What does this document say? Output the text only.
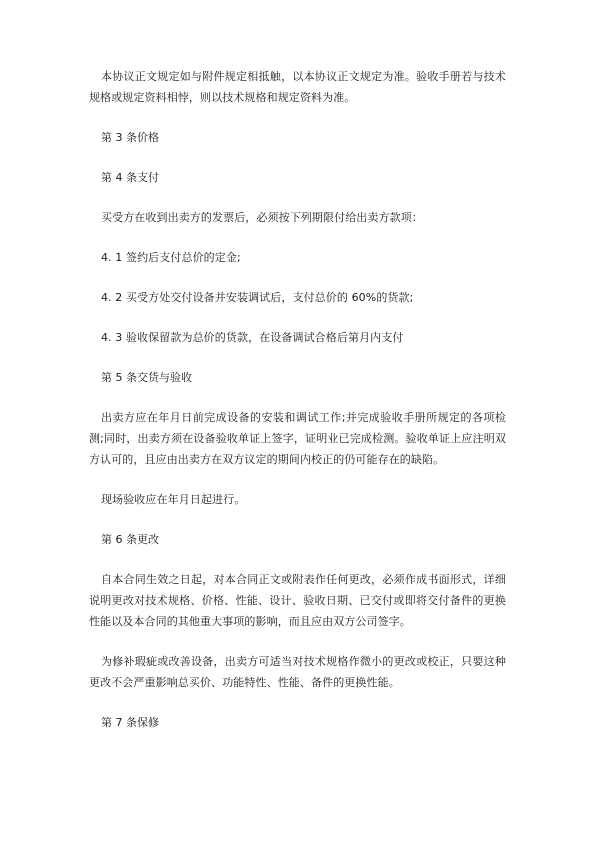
本协议正文规定如与附件规定相抵触，以本协议正文规定为准。验收手册若与技术规格或规定资料相悖，则以技术规格和规定资料为准。

第 3 条价格

第 4 条支付

买受方在收到出卖方的发票后，必须按下列期限付给出卖方款项：

4. 1 签约后支付总价的定金;

4. 2 买受方处交付设备并安装调试后，支付总价的 60%的货款;

4. 3 验收保留款为总价的货款，在设备调试合格后第月内支付

第 5 条交货与验收

出卖方应在年月日前完成设备的安装和调试工作;并完成验收手册所规定的各项检测;同时，出卖方须在设备验收单证上签字，证明业已完成检测。验收单证上应注明双方认可的，且应由出卖方在双方议定的期间内校正的仍可能存在的缺陷。

现场验收应在年月日起进行。

第 6 条更改

自本合同生效之日起，对本合同正文或附表作任何更改，必须作成书面形式，详细说明更改对技术规格、价格、性能、设计、验收日期、已交付或即将交付备件的更换性能以及本合同的其他重大事项的影响，而且应由双方公司签字。

为修补瑕疵或改善设备，出卖方可适当对技术规格作微小的更改或校正，只要这种更改不会严重影响总买价、功能特性、性能、备件的更换性能。

第 7 条保修
